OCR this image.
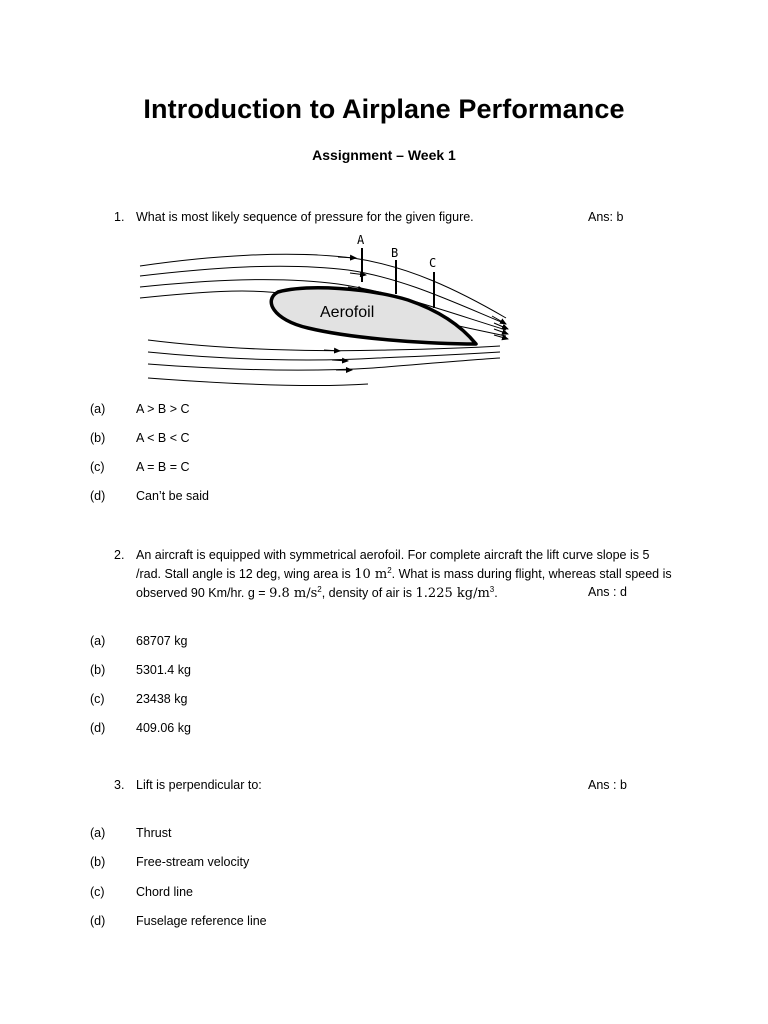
Introduction to Airplane Performance
Assignment – Week 1
1. What is most likely sequence of pressure for the given figure.	Ans: b
Aerofoil
A
B
C
(a) A > B > C
(b) A < B < C
(c)	A = B = C
(d) Can’t be said
2. An aircraft is equipped with symmetrical aerofoil. For complete aircraft the lift curve slope is 5
/rad. Stall angle is 12 deg, wing area is 10 $m^2$. What is mass during flight, whereas stall speed is
observed 90 Km/hr. g = 9.8 $m/s^2$, density of air is 1.225 $kg/m^3$.	Ans : d
(a) 68707 kg
(b) 5301.4 kg
(c)	23438 kg
(d) 409.06 kg
3. Lift is perpendicular to:	Ans : b
(a) Thrust
(b) Free-stream velocity
(c)	Chord line
(d) Fuselage reference line
